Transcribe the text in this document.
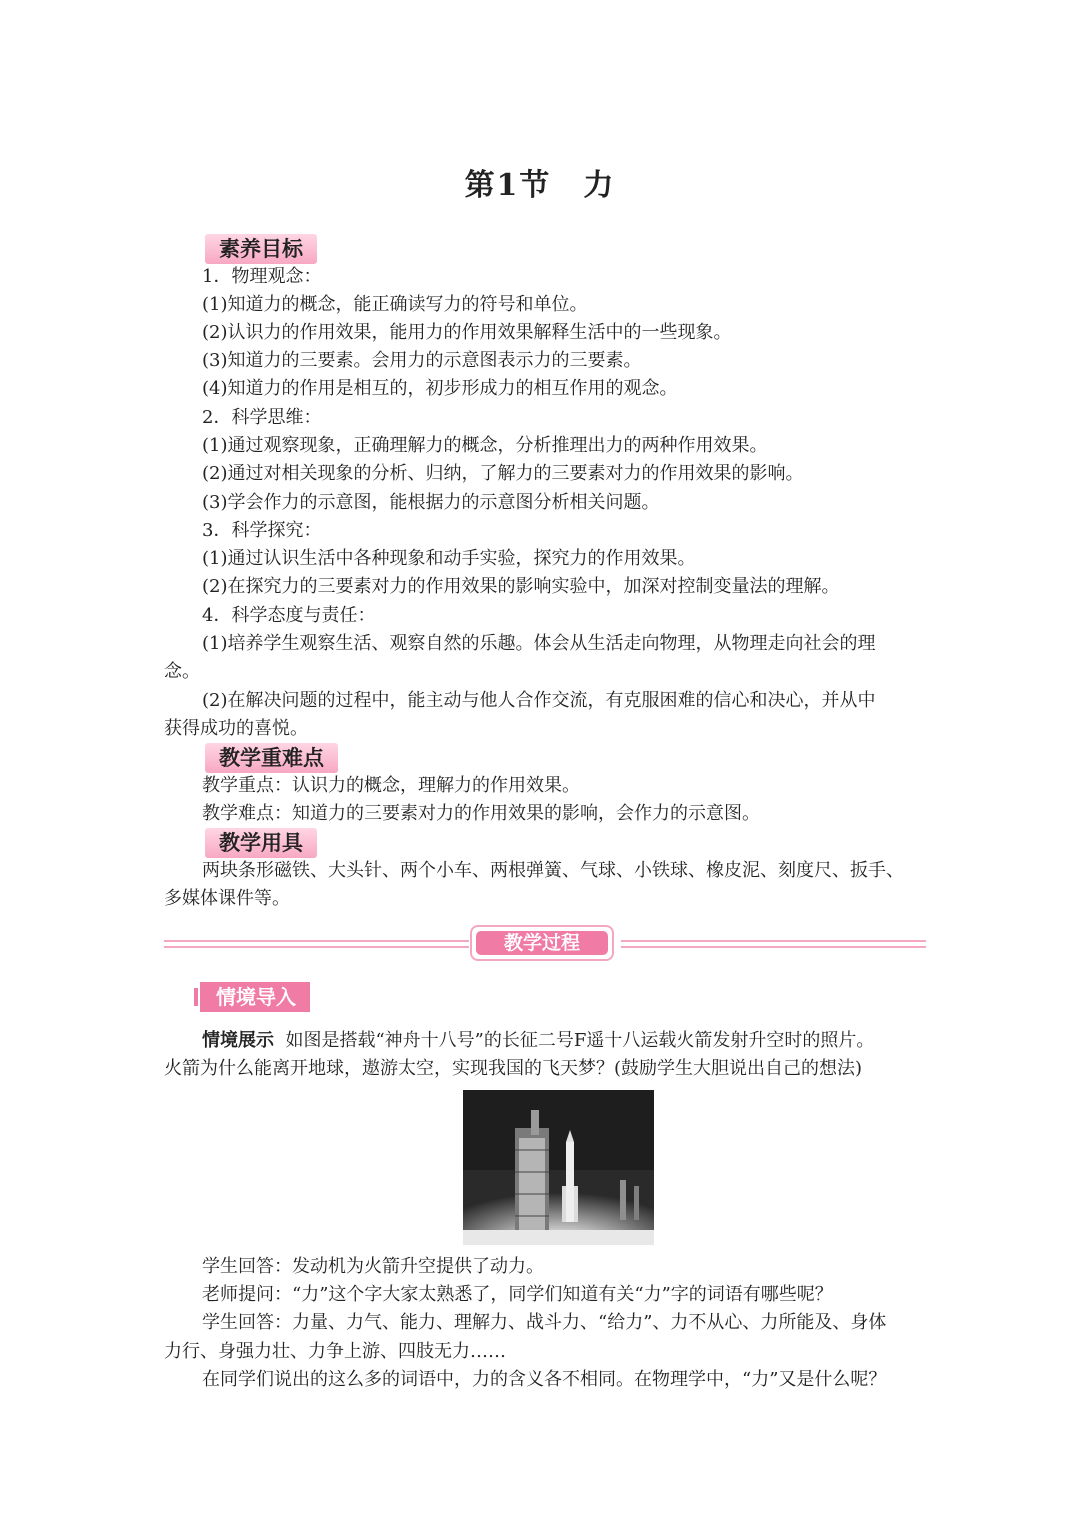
第1节　力
素养目标
1．物理观念：
(1)知道力的概念，能正确读写力的符号和单位。
(2)认识力的作用效果，能用力的作用效果解释生活中的一些现象。
(3)知道力的三要素。会用力的示意图表示力的三要素。
(4)知道力的作用是相互的，初步形成力的相互作用的观念。
2．科学思维：
(1)通过观察现象，正确理解力的概念，分析推理出力的两种作用效果。
(2)通过对相关现象的分析、归纳，了解力的三要素对力的作用效果的影响。
(3)学会作力的示意图，能根据力的示意图分析相关问题。
3．科学探究：
(1)通过认识生活中各种现象和动手实验，探究力的作用效果。
(2)在探究力的三要素对力的作用效果的影响实验中，加深对控制变量法的理解。
4．科学态度与责任：
(1)培养学生观察生活、观察自然的乐趣。体会从生活走向物理，从物理走向社会的理
念。
(2)在解决问题的过程中，能主动与他人合作交流，有克服困难的信心和决心，并从中
获得成功的喜悦。
教学重难点
教学重点：认识力的概念，理解力的作用效果。
教学难点：知道力的三要素对力的作用效果的影响，会作力的示意图。
教学用具
两块条形磁铁、大头针、两个小车、两根弹簧、气球、小铁球、橡皮泥、刻度尺、扳手、
多媒体课件等。
教学过程
情境导入
情境展示 如图是搭载“神舟十八号”的长征二号F遥十八运载火箭发射升空时的照片。
火箭为什么能离开地球，遨游太空，实现我国的飞天梦？(鼓励学生大胆说出自己的想法)
学生回答：发动机为火箭升空提供了动力。
老师提问：“力”这个字大家太熟悉了，同学们知道有关“力”字的词语有哪些呢？
学生回答：力量、力气、能力、理解力、战斗力、“给力”、力不从心、力所能及、身体
力行、身强力壮、力争上游、四肢无力……
在同学们说出的这么多的词语中，力的含义各不相同。在物理学中，“力”又是什么呢？
